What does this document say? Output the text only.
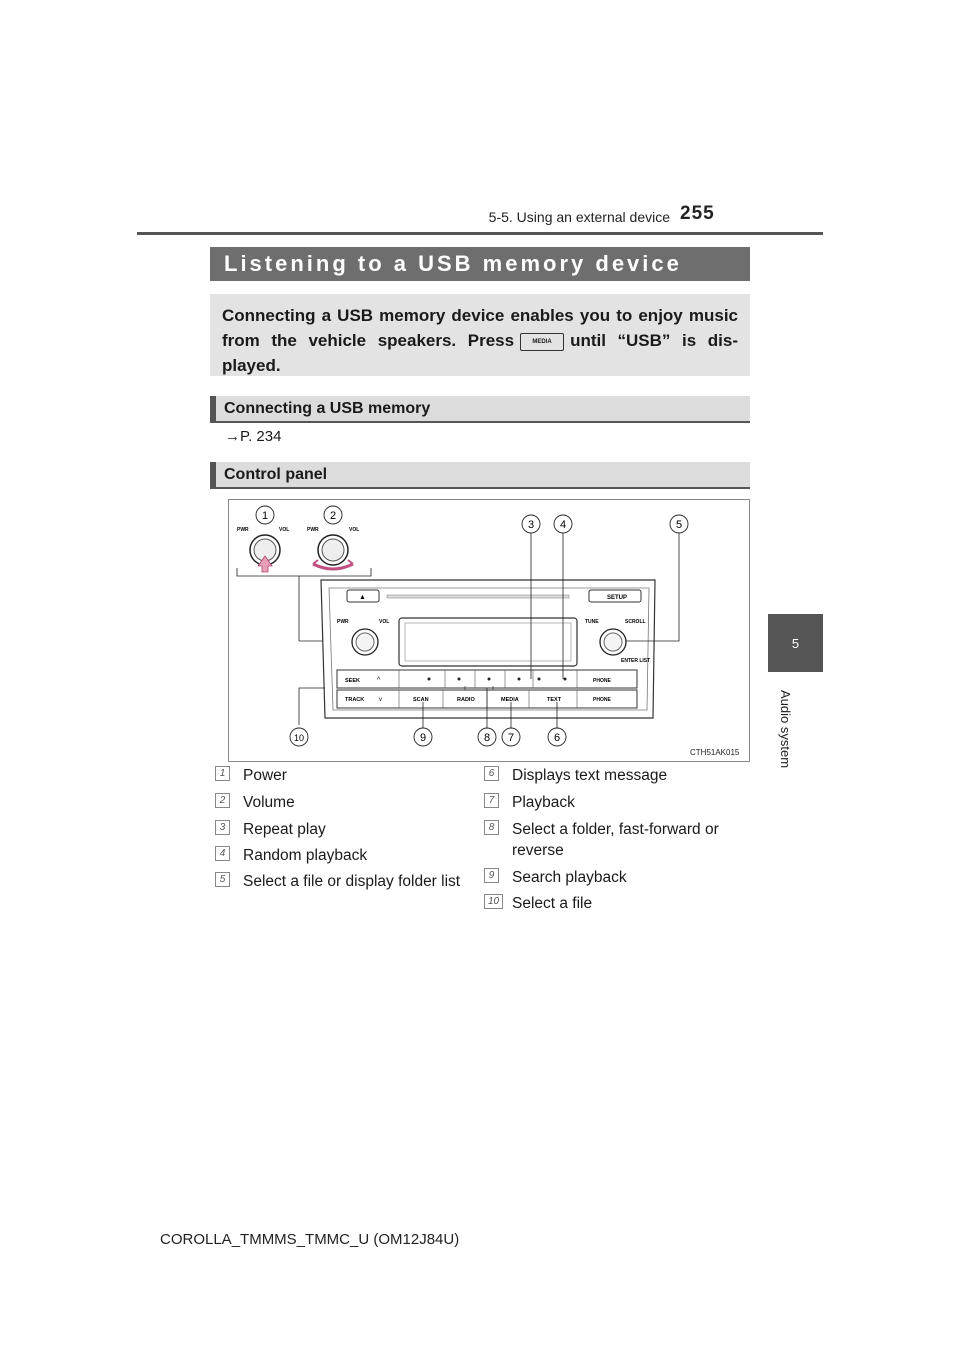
5-5. Using an external device 255
5
Audio system
Listening to a USB memory device
Connecting a USB memory device enables you to enjoy music from the vehicle speakers. Press	MEDIA until “USB” is dis-played.
Connecting a USB memory
→P. 234
Control panel
PWR	VOL	PWR	VOL
▲	SETUP
PWR	VOL	TUNE	SCROLL
ENTER LIST
SEEK ^
TRACK v
PHONE
PHONE
SCAN	RADIO	MEDIA	TEXT
1	2
3 4	5
6
7
8
9
10
CTH51AK015
1	Power
2	Volume
3	Repeat play
4	Random playback
5	Select a file or display folder list
6	Displays text message
7	Playback
8	Select a folder, fast-forward or reverse
9	Search playback
10 Select a file
COROLLA_TMMMS_TMMC_U (OM12J84U)
